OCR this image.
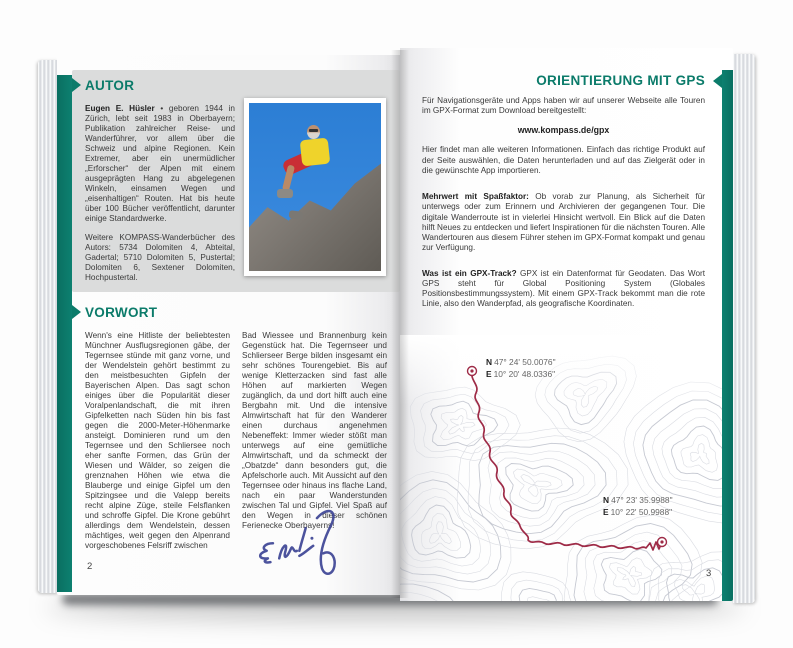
AUTOR

Eugen E. Hüsler • geboren 1944 in Zürich, lebt seit 1983 in Oberbayern; Publikation zahlreicher Reise- und Wanderführer, vor allem über die Schweiz und alpine Regionen. Kein Extremer, aber ein unermüdlicher „Erforscher“ der Alpen mit einem ausgeprägten Hang zu abgelegenen Winkeln, einsamen Wegen und „eisenhaltigen“ Routen. Hat bis heute über 100 Bücher veröffentlicht, darunter einige Standardwerke.

Weitere KOMPASS-Wanderbücher des Autors: 5734 Dolomiten 4, Abteital, Gadertal; 5710 Dolomiten 5, Pustertal; Dolomiten 6, Sextener Dolomiten, Hochpustertal.

VORWORT
Wenn's eine Hitliste der beliebtesten Münchner Ausflugsregionen gäbe, der Tegernsee stünde mit ganz vorne, und der Wendelstein gehört bestimmt zu den meistbesuchten Gipfeln der Bayerischen Alpen. Das sagt schon einiges über die Popularität dieser Voralpenlandschaft, die mit ihren Gipfelketten nach Süden hin bis fast gegen die 2000-Meter-Höhenmarke ansteigt. Dominieren rund um den Tegernsee und den Schliersee noch eher sanfte Formen, das Grün der Wiesen und Wälder, so zeigen die grenznahen Höhen wie etwa die Blauberge und einige Gipfel um den Spitzingsee und die Valepp bereits recht alpine Züge, steile Felsflanken und schroffe Gipfel. Die Krone gebührt allerdings dem Wendelstein, dessen mächtiges, weit gegen den Alpenrand vorgeschobenes Felsriff zwischen
Bad Wiessee und Brannenburg kein Gegenstück hat. Die Tegernseer und Schlierseer Berge bilden insgesamt ein sehr schönes Tourengebiet. Bis auf wenige Kletterzacken sind fast alle Höhen auf markierten Wegen zugänglich, da und dort hilft auch eine Bergbahn mit. Und die intensive Almwirtschaft hat für den Wanderer einen durchaus angenehmen Nebeneffekt: Immer wieder stößt man unterwegs auf eine gemütliche Almwirtschaft, und da schmeckt der „Obatzde“ dann besonders gut, die Apfelschorle auch. Mit Aussicht auf den Tegernsee oder hinaus ins flache Land, nach ein paar Wanderstunden zwischen Tal und Gipfel. Viel Spaß auf den Wegen in dieser schönen Ferienecke Oberbayerns!
2
ORIENTIERUNG MIT GPS

Für Navigationsgeräte und Apps haben wir auf unserer Webseite alle Touren im GPX-Format zum Download bereitgestellt:

www.kompass.de/gpx

Hier findet man alle weiteren Informationen. Einfach das richtige Produkt auf der Seite auswählen, die Daten herunterladen und auf das Zielgerät oder in die gewünschte App importieren.

Mehrwert mit Spaßfaktor: Ob vorab zur Planung, als Sicherheit für unterwegs oder zum Erinnern und Archivieren der gegangenen Tour. Die digitale Wanderroute ist in vielerlei Hinsicht wertvoll. Ein Blick auf die Daten hilft Neues zu entdecken und liefert Inspirationen für die nächsten Touren. Alle Wandertouren aus diesem Führer stehen im GPX-Format kompakt und genau zur Verfügung.

Was ist ein GPX-Track? GPX ist ein Datenformat für Geodaten. Das Wort GPS steht für Global Positioning System (Globales Positionsbestimmungssystem). Mit einem GPX-Track bekommt man die rote Linie, also den Wanderpfad, als geografische Koordinaten.

N 47° 24' 50.0076"
E 10° 20' 48.0336"
N 47° 23' 35.9988"
E 10° 22' 50.9988"
3
